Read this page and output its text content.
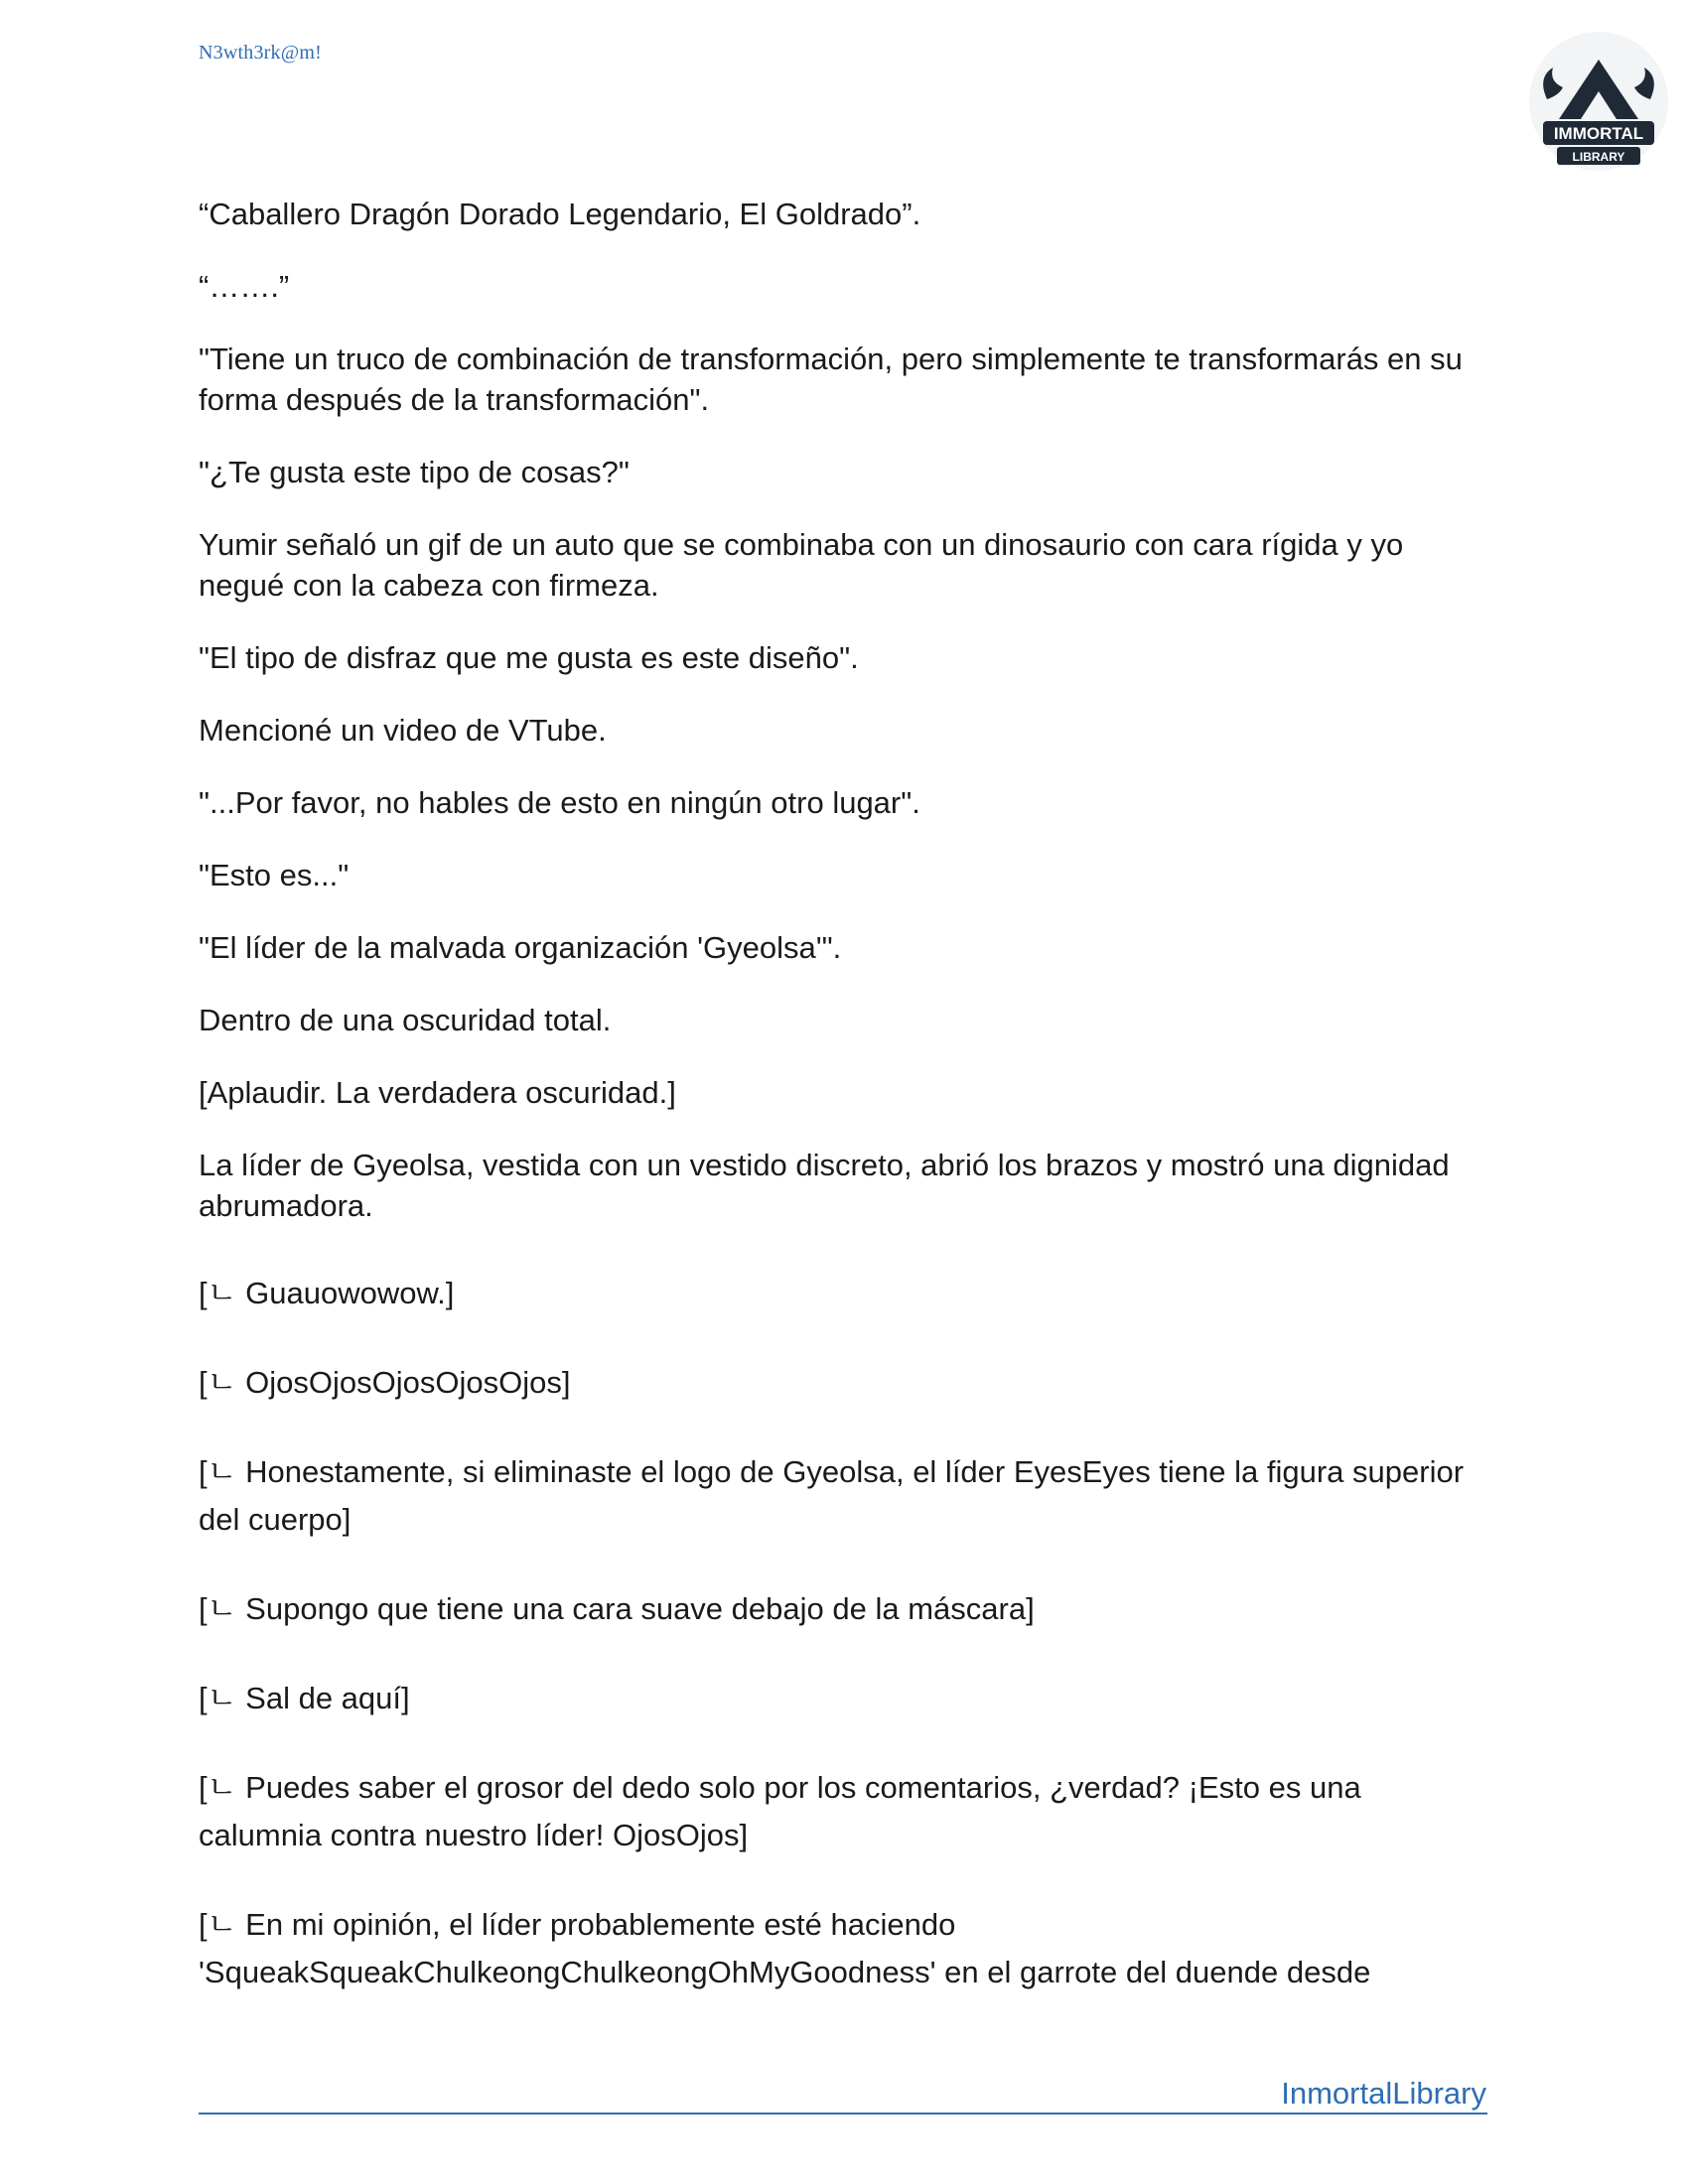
N3wth3rk@m!
IMMORTAL
LIBRARY

“Caballero Dragón Dorado Legendario, El Goldrado”.

“…….”

"Tiene un truco de combinación de transformación, pero simplemente te transformarás en su forma después de la transformación".

"¿Te gusta este tipo de cosas?"

Yumir señaló un gif de un auto que se combinaba con un dinosaurio con cara rígida y yo negué con la cabeza con firmeza.

"El tipo de disfraz que me gusta es este diseño".

Mencioné un video de VTube.

"...Por favor, no hables de esto en ningún otro lugar".

"Esto es..."

"El líder de la malvada organización 'Gyeolsa'".

Dentro de una oscuridad total.

[Aplaudir. La verdadera oscuridad.]

La líder de Gyeolsa, vestida con un vestido discreto, abrió los brazos y mostró una dignidad abrumadora.

[ㄴ Guauowowow.]

[ㄴ OjosOjosOjosOjosOjos]

[ㄴ Honestamente, si eliminaste el logo de Gyeolsa, el líder EyesEyes tiene la figura superior del cuerpo]

[ㄴ Supongo que tiene una cara suave debajo de la máscara]

[ㄴ Sal de aquí]

[ㄴ Puedes saber el grosor del dedo solo por los comentarios, ¿verdad? ¡Esto es una calumnia contra nuestro líder! OjosOjos]

[ㄴ En mi opinión, el líder probablemente esté haciendo 'SqueakSqueakChulkeongChulkeongOhMyGoodness' en el garrote del duende desde

InmortalLibrary
